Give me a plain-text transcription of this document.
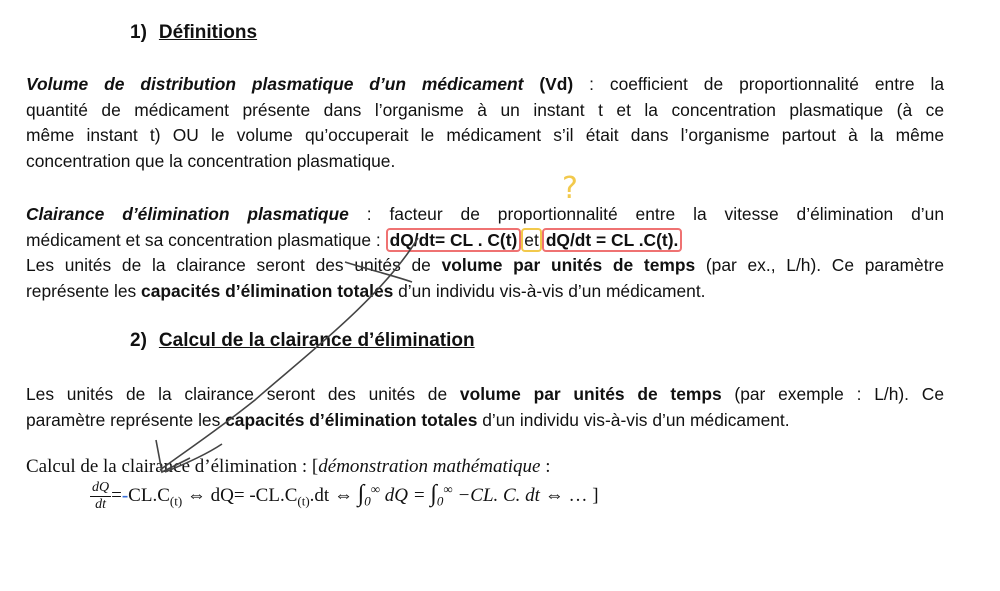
1) Définitions
Volume de distribution plasmatique d’un médicament (Vd) : coefficient de proportionnalité entre la
quantité de médicament présente dans l’organisme à un instant t et la concentration plasmatique (à ce
même instant t) OU le volume qu’occuperait le médicament s’il était dans l’organisme partout à la même
concentration que la concentration plasmatique.
Clairance d’élimination plasmatique : facteur de proportionnalité entre la vitesse d’élimination d’un
médicament et sa concentration plasmatique : dQ/dt= CL . C(t) et dQ/dt = CL .C(t).
Les unités de la clairance seront des unités de volume par unités de temps (par ex., L/h). Ce paramètre
représente les capacités d’élimination totales d’un individu vis-à-vis d’un médicament.
2) Calcul de la clairance d’élimination
Les unités de la clairance seront des unités de volume par unités de temps (par exemple : L/h). Ce
paramètre représente les capacités d’élimination totales d’un individu vis-à-vis d’un médicament.
Calcul de la clairance d’élimination : [démonstration mathématique :
$\frac{dQ}{dt} =-CL.C_{(t)}$ ⇔ $dQ= -CL.C_{(t)}.dt$ ⇔ $\int_0^\infty$ dQ = $\int_0^\infty -CL$. C. dt ⇔ … ]
?
